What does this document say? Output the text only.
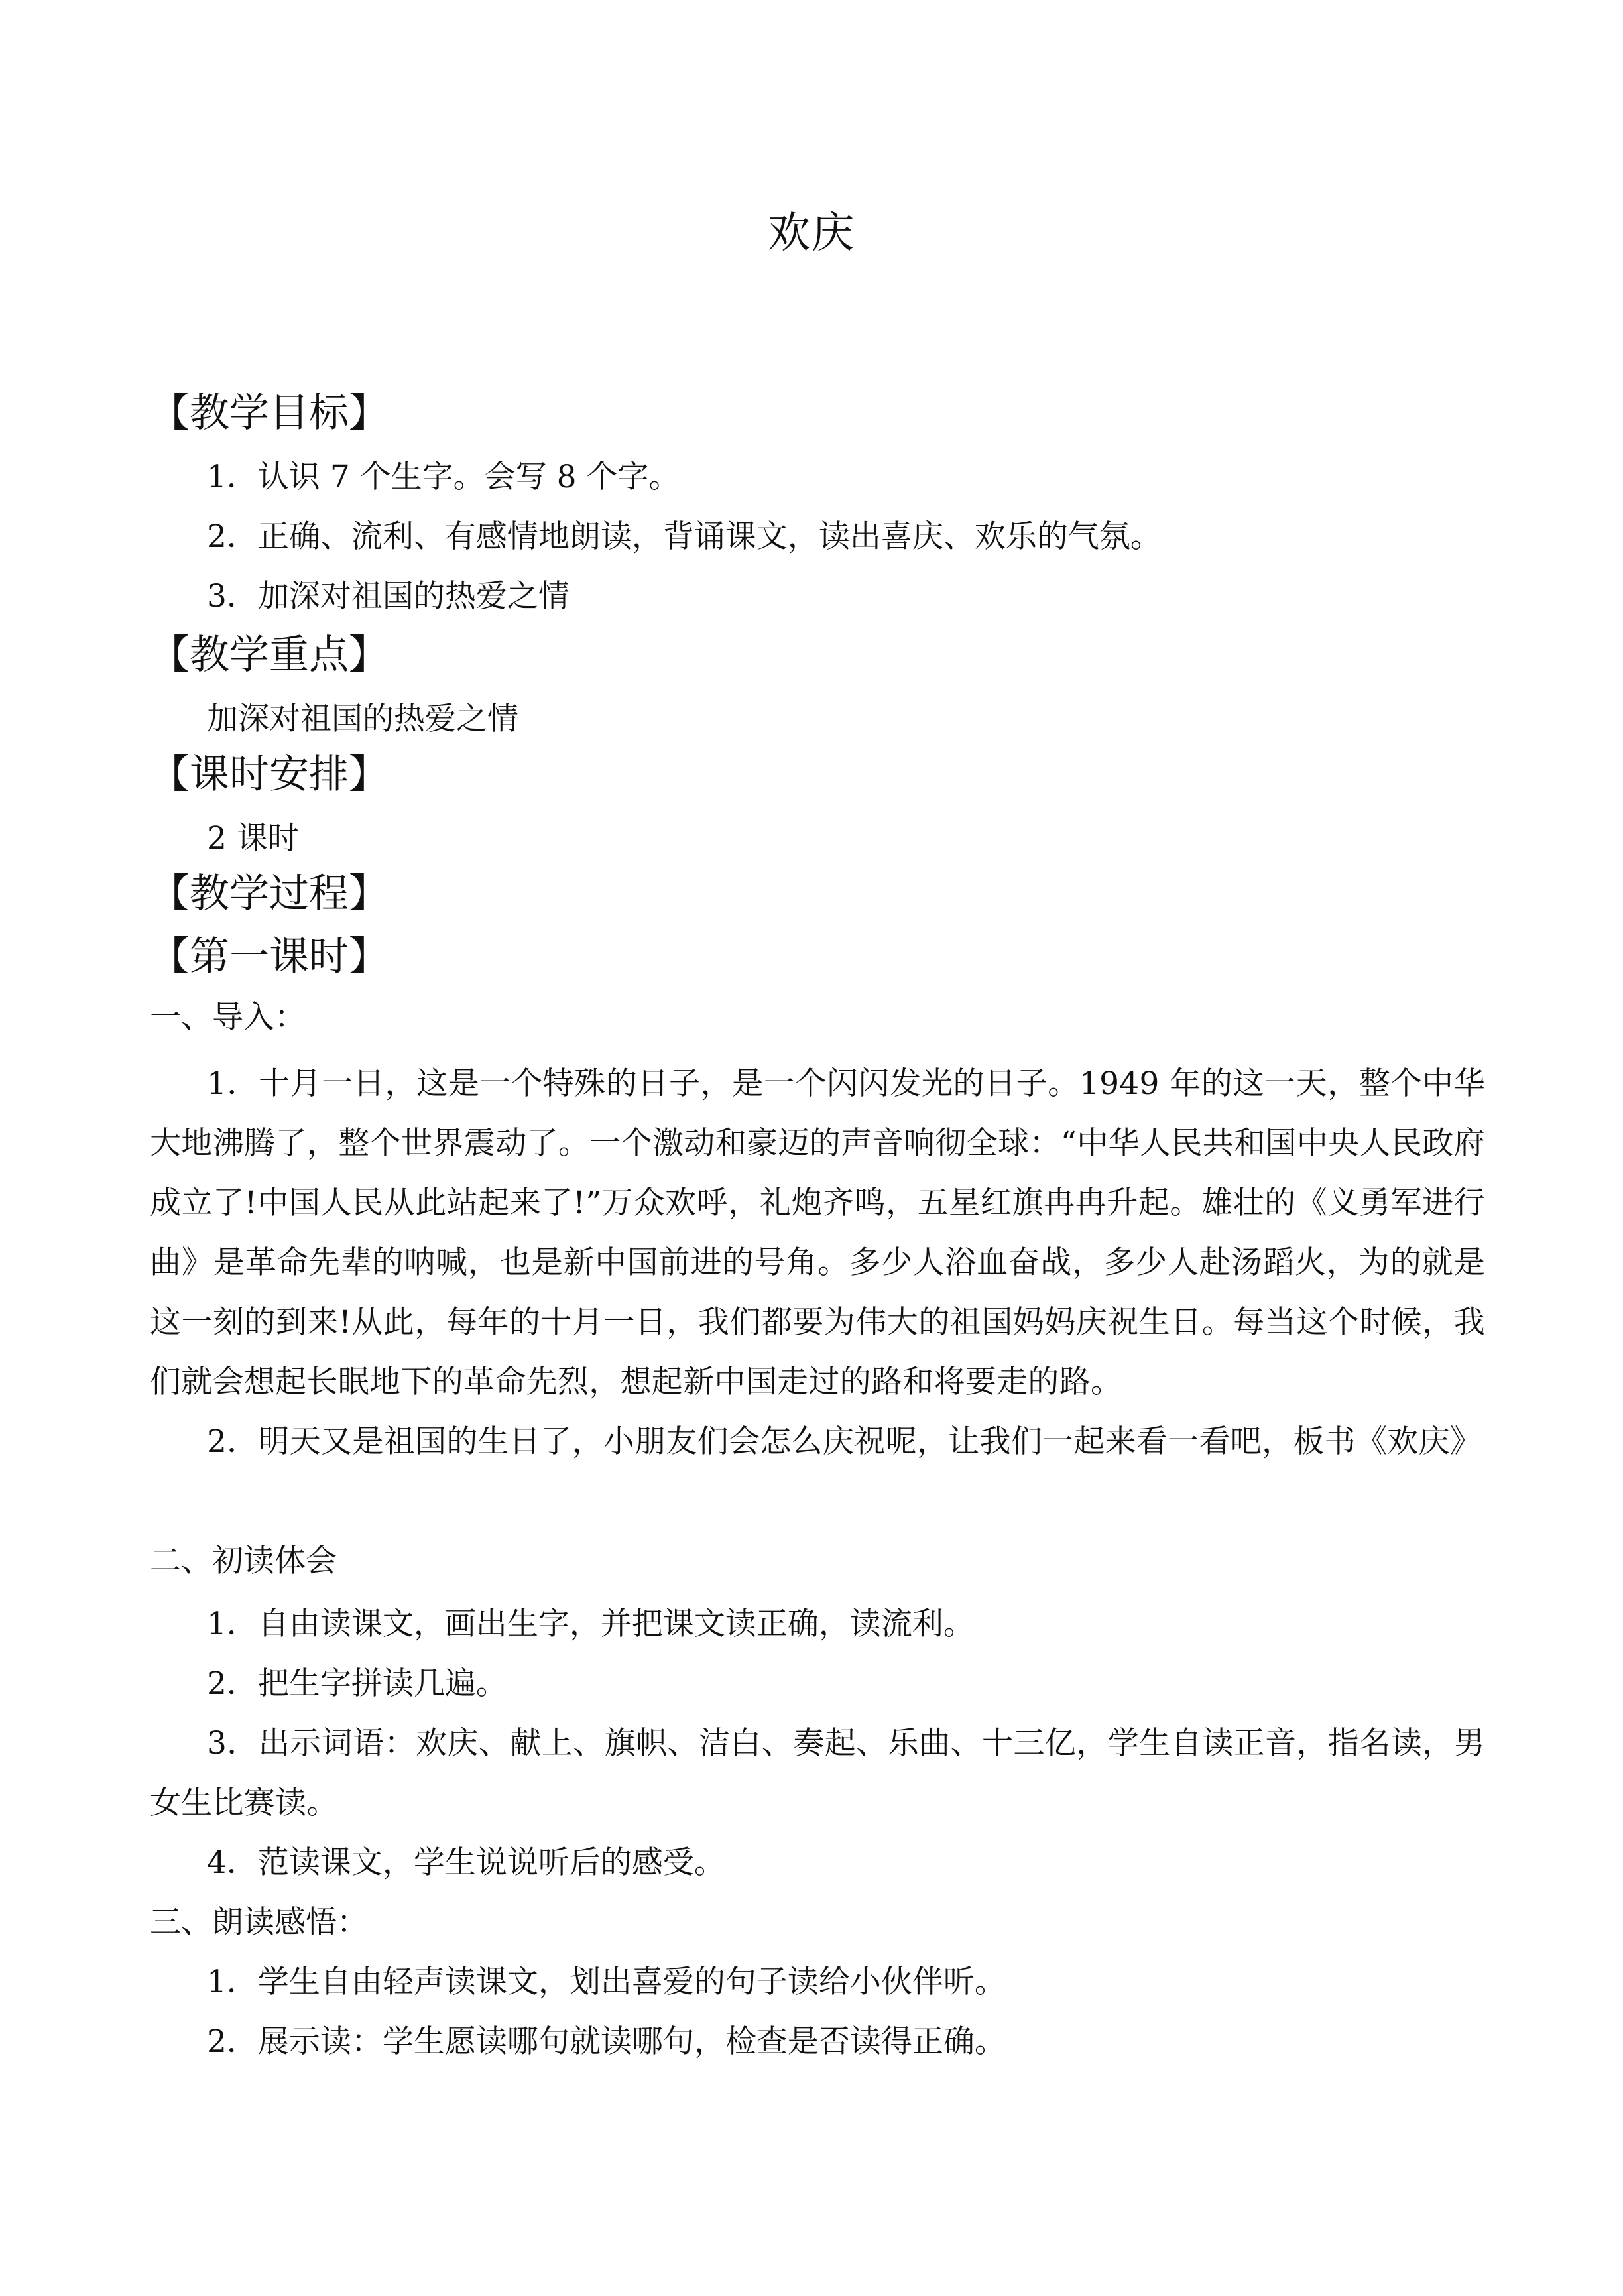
欢庆
【教学目标】
1．认识 7 个生字。会写 8 个字。
2．正确、流利、有感情地朗读，背诵课文，读出喜庆、欢乐的气氛。
3．加深对祖国的热爱之情
【教学重点】
加深对祖国的热爱之情
【课时安排】
2 课时
【教学过程】
【第一课时】
一、导入：
1．十月一日，这是一个特殊的日子，是一个闪闪发光的日子。1949 年的这一天，整个中华大地沸腾了，整个世界震动了。一个激动和豪迈的声音响彻全球：“中华人民共和国中央人民政府成立了!中国人民从此站起来了!”万众欢呼，礼炮齐鸣，五星红旗冉冉升起。雄壮的《义勇军进行曲》是革命先辈的呐喊，也是新中国前进的号角。多少人浴血奋战，多少人赴汤蹈火，为的就是这一刻的到来!从此，每年的十月一日，我们都要为伟大的祖国妈妈庆祝生日。每当这个时候，我们就会想起长眠地下的革命先烈，想起新中国走过的路和将要走的路。
2．明天又是祖国的生日了，小朋友们会怎么庆祝呢，让我们一起来看一看吧，板书《欢庆》
二、初读体会
1．自由读课文，画出生字，并把课文读正确，读流利。
2．把生字拼读几遍。
3．出示词语：欢庆、献上、旗帜、洁白、奏起、乐曲、十三亿，学生自读正音，指名读，男女生比赛读。
4．范读课文，学生说说听后的感受。
三、朗读感悟：
1．学生自由轻声读课文，划出喜爱的句子读给小伙伴听。
2．展示读：学生愿读哪句就读哪句，检查是否读得正确。
